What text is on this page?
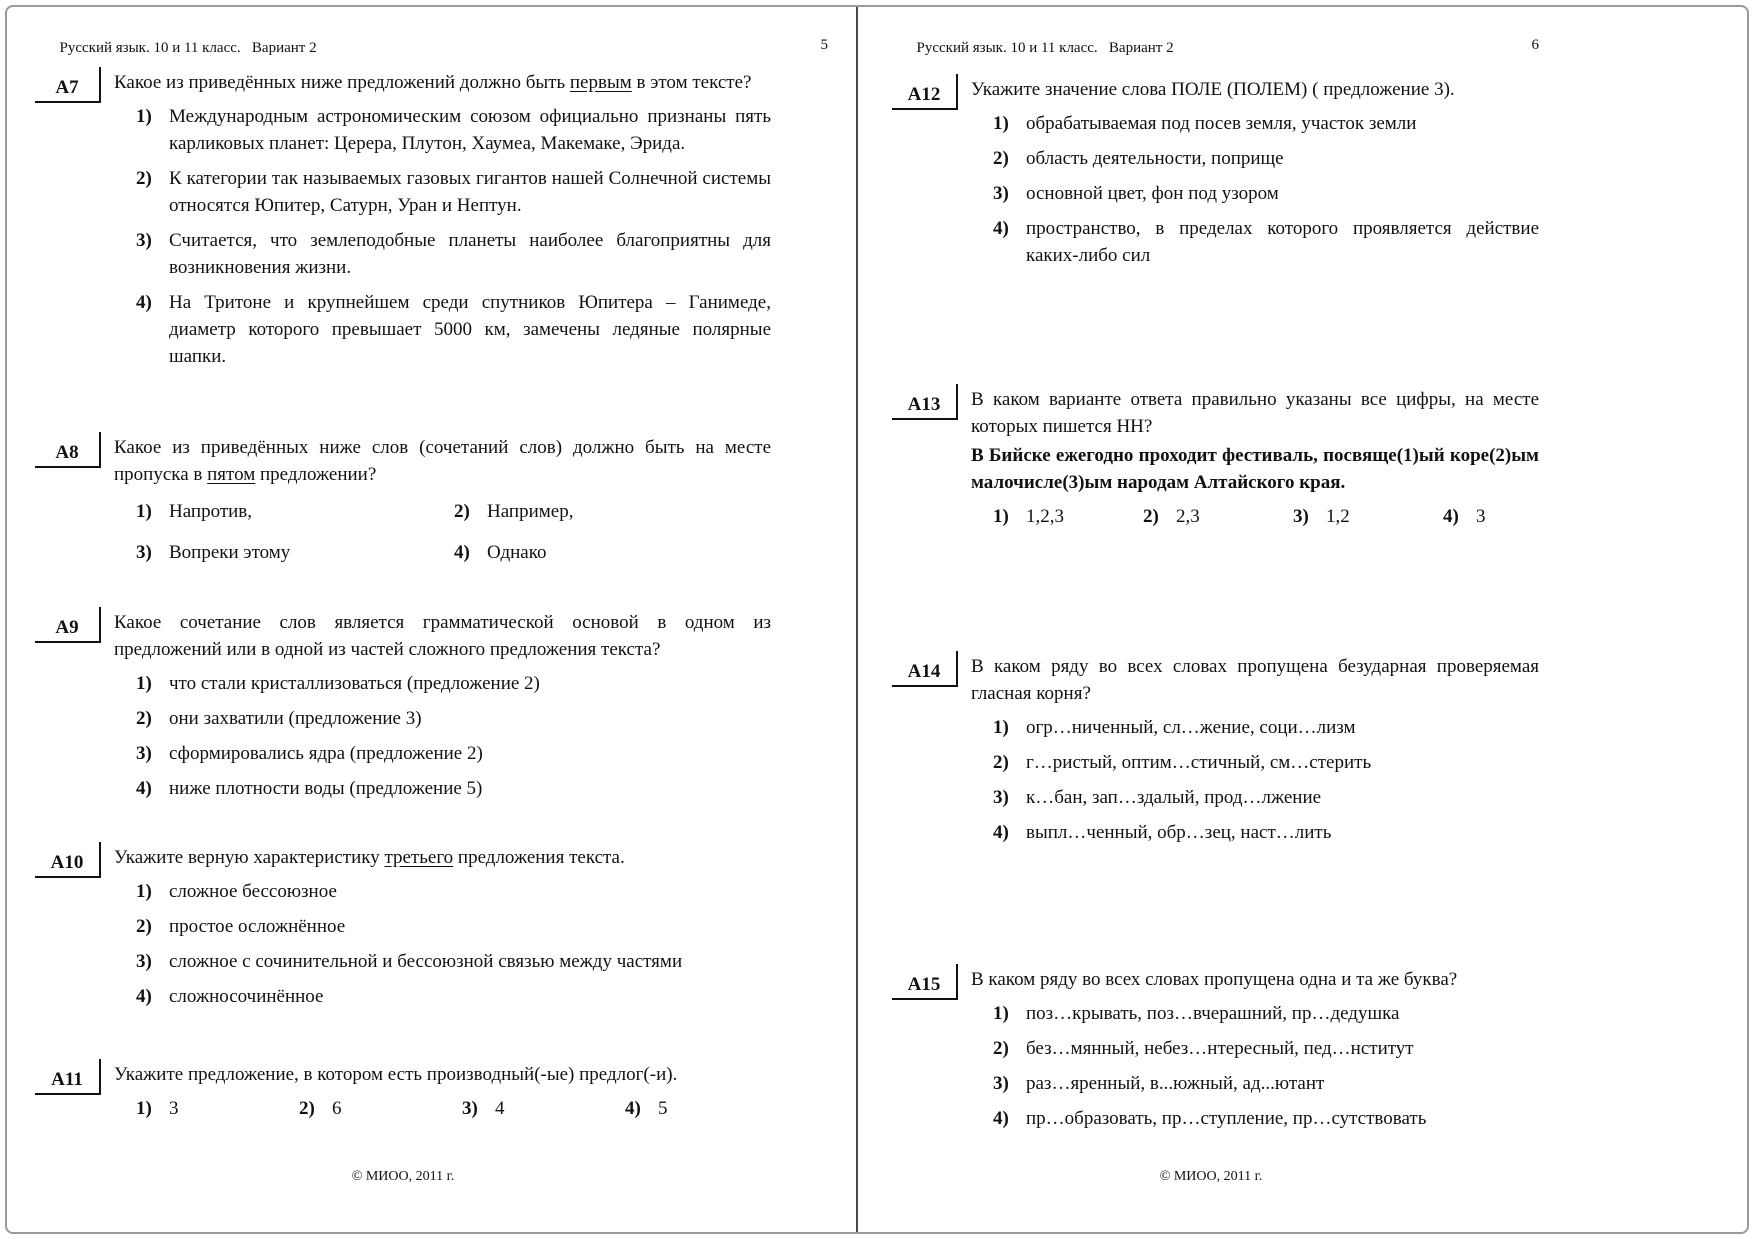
Русский язык. 10 и 11 класс.   Вариант 2
	5
А7	Какое из приведённых ниже предложений должно быть первым в этом тексте?

1) Международным астрономическим союзом официально признаны пять карликовых планет: Церера, Плутон, Хаумеа, Макемаке, Эрида.
2) К категории так называемых газовых гигантов нашей Солнечной системы относятся Юпитер, Сатурн, Уран и Нептун.
3) Считается, что землеподобные планеты наиболее благоприятны для возникновения жизни.
4) На Тритоне и крупнейшем среди спутников Юпитера – Ганимеде, диаметр которого превышает 5000 км, замечены ледяные полярные шапки.
А8	Какое из приведённых ниже слов (сочетаний слов) должно быть на месте пропуска в пятом предложении?

1) Напротив,	2) Например,
3) Вопреки этому	4) Однако
А9	Какое сочетание слов является грамматической основой в одном из предложений или в одной из частей сложного предложения текста?

1) что стали кристаллизоваться (предложение 2)
2) они захватили (предложение 3)
3) сформировались ядра (предложение 2)
4) ниже плотности воды (предложение 5)
А10	Укажите верную характеристику третьего предложения текста.

1) сложное бессоюзное
2) простое осложнённое
3) сложное с сочинительной и бессоюзной связью между частями
4) сложносочинённое
А11	Укажите предложение, в котором есть производный(-ые) предлог(-и).

1) 3	2) 6	3) 4	4) 5
© МИОО, 2011 г.

Русский язык. 10 и 11 класс.   Вариант 2
	6
А12	Укажите значение слова ПОЛЕ (ПОЛЕМ) ( предложение 3).

1) обрабатываемая под посев земля, участок земли
2) область деятельности, поприще
3) основной цвет, фон под узором
4) пространство, в пределах которого проявляется действие каких-либо сил
А13	В каком варианте ответа правильно указаны все цифры, на месте которых пишется НН?

В Бийске ежегодно проходит фестиваль, посвяще(1)ый коре(2)ым малочисле(3)ым народам Алтайского края.

1) 1,2,3	2) 2,3	3) 1,2	4) 3
А14	В каком ряду во всех словах пропущена безударная проверяемая гласная корня?

1) огр…ниченный, сл…жение, соци…лизм
2) г…ристый, оптим…стичный, см…стерить
3) к…бан, зап…здалый, прод…лжение
4) выпл…ченный, обр…зец, наст…лить
А15	В каком ряду во всех словах пропущена одна и та же буква?

1) поз…крывать, поз…вчерашний, пр…дедушка
2) без…мянный, небез…нтересный, пед…нститут
3) раз…яренный, в...южный, ад...ютант
4) пр…образовать, пр…ступление, пр…сутствовать
© МИОО, 2011 г.
